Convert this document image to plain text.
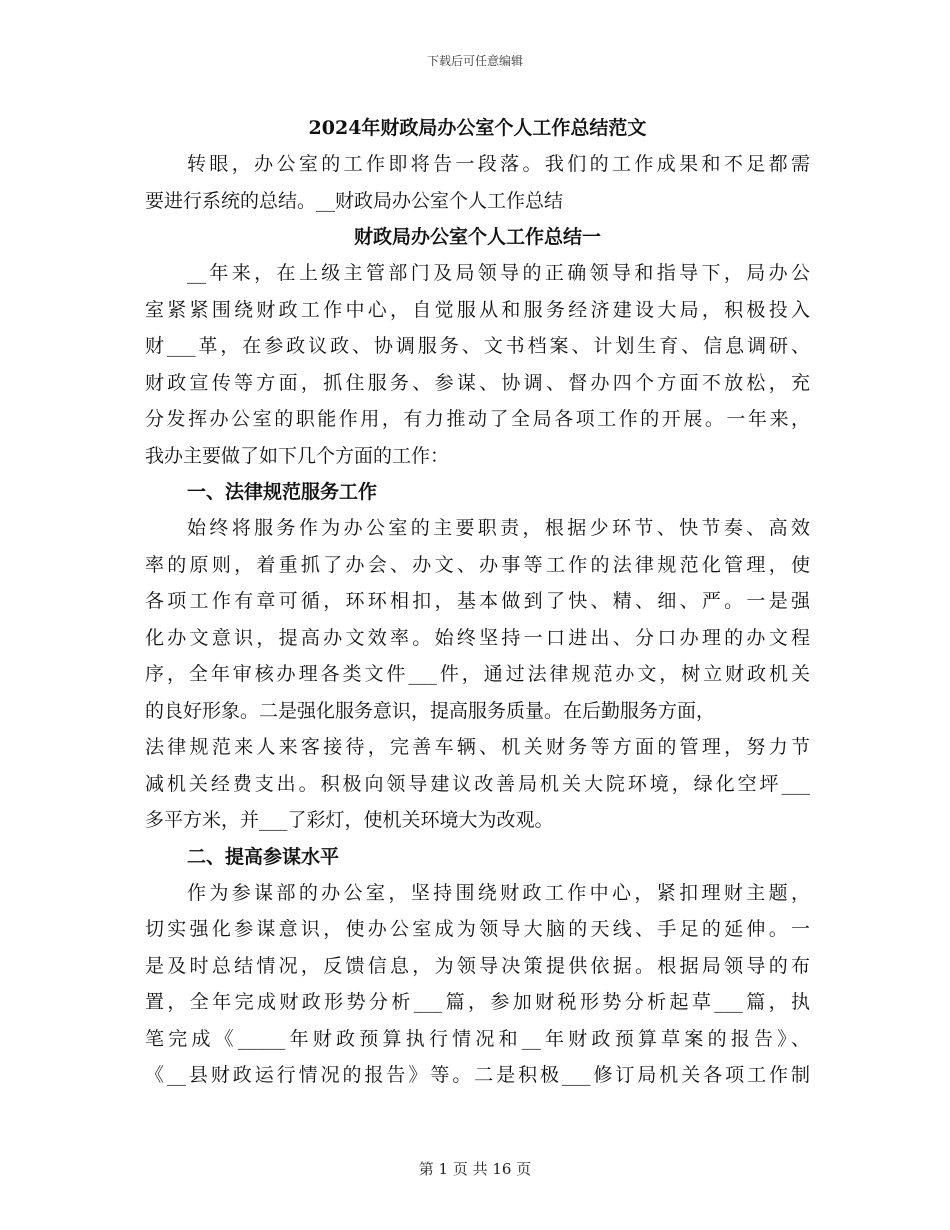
下载后可任意编辑

2024年财政局办公室个人工作总结范文

转眼，办公室的工作即将告一段落。我们的工作成果和不足都需

要进行系统的总结。__财政局办公室个人工作总结

财政局办公室个人工作总结一

__年来，在上级主管部门及局领导的正确领导和指导下，局办公

室紧紧围绕财政工作中心，自觉服从和服务经济建设大局，积极投入

财___革，在参政议政、协调服务、文书档案、计划生育、信息调研、

财政宣传等方面，抓住服务、参谋、协调、督办四个方面不放松，充

分发挥办公室的职能作用，有力推动了全局各项工作的开展。一年来，

我办主要做了如下几个方面的工作：

一、法律规范服务工作

始终将服务作为办公室的主要职责，根据少环节、快节奏、高效

率的原则，着重抓了办会、办文、办事等工作的法律规范化管理，使

各项工作有章可循，环环相扣，基本做到了快、精、细、严。一是强

化办文意识，提高办文效率。始终坚持一口进出、分口办理的办文程

序，全年审核办理各类文件___件，通过法律规范办文，树立财政机关

的良好形象。二是强化服务意识，提高服务质量。在后勤服务方面，

法律规范来人来客接待，完善车辆、机关财务等方面的管理，努力节

减机关经费支出。积极向领导建议改善局机关大院环境，绿化空坪___

多平方米，并___了彩灯，使机关环境大为改观。

二、提高参谋水平

作为参谋部的办公室，坚持围绕财政工作中心，紧扣理财主题，

切实强化参谋意识，使办公室成为领导大脑的天线、手足的延伸。一

是及时总结情况，反馈信息，为领导决策提供依据。根据局领导的布

置，全年完成财政形势分析___篇，参加财税形势分析起草___篇，执

笔完成《_____年财政预算执行情况和__年财政预算草案的报告》、

《__县财政运行情况的报告》等。二是积极___修订局机关各项工作制

第 1 页 共 16 页
